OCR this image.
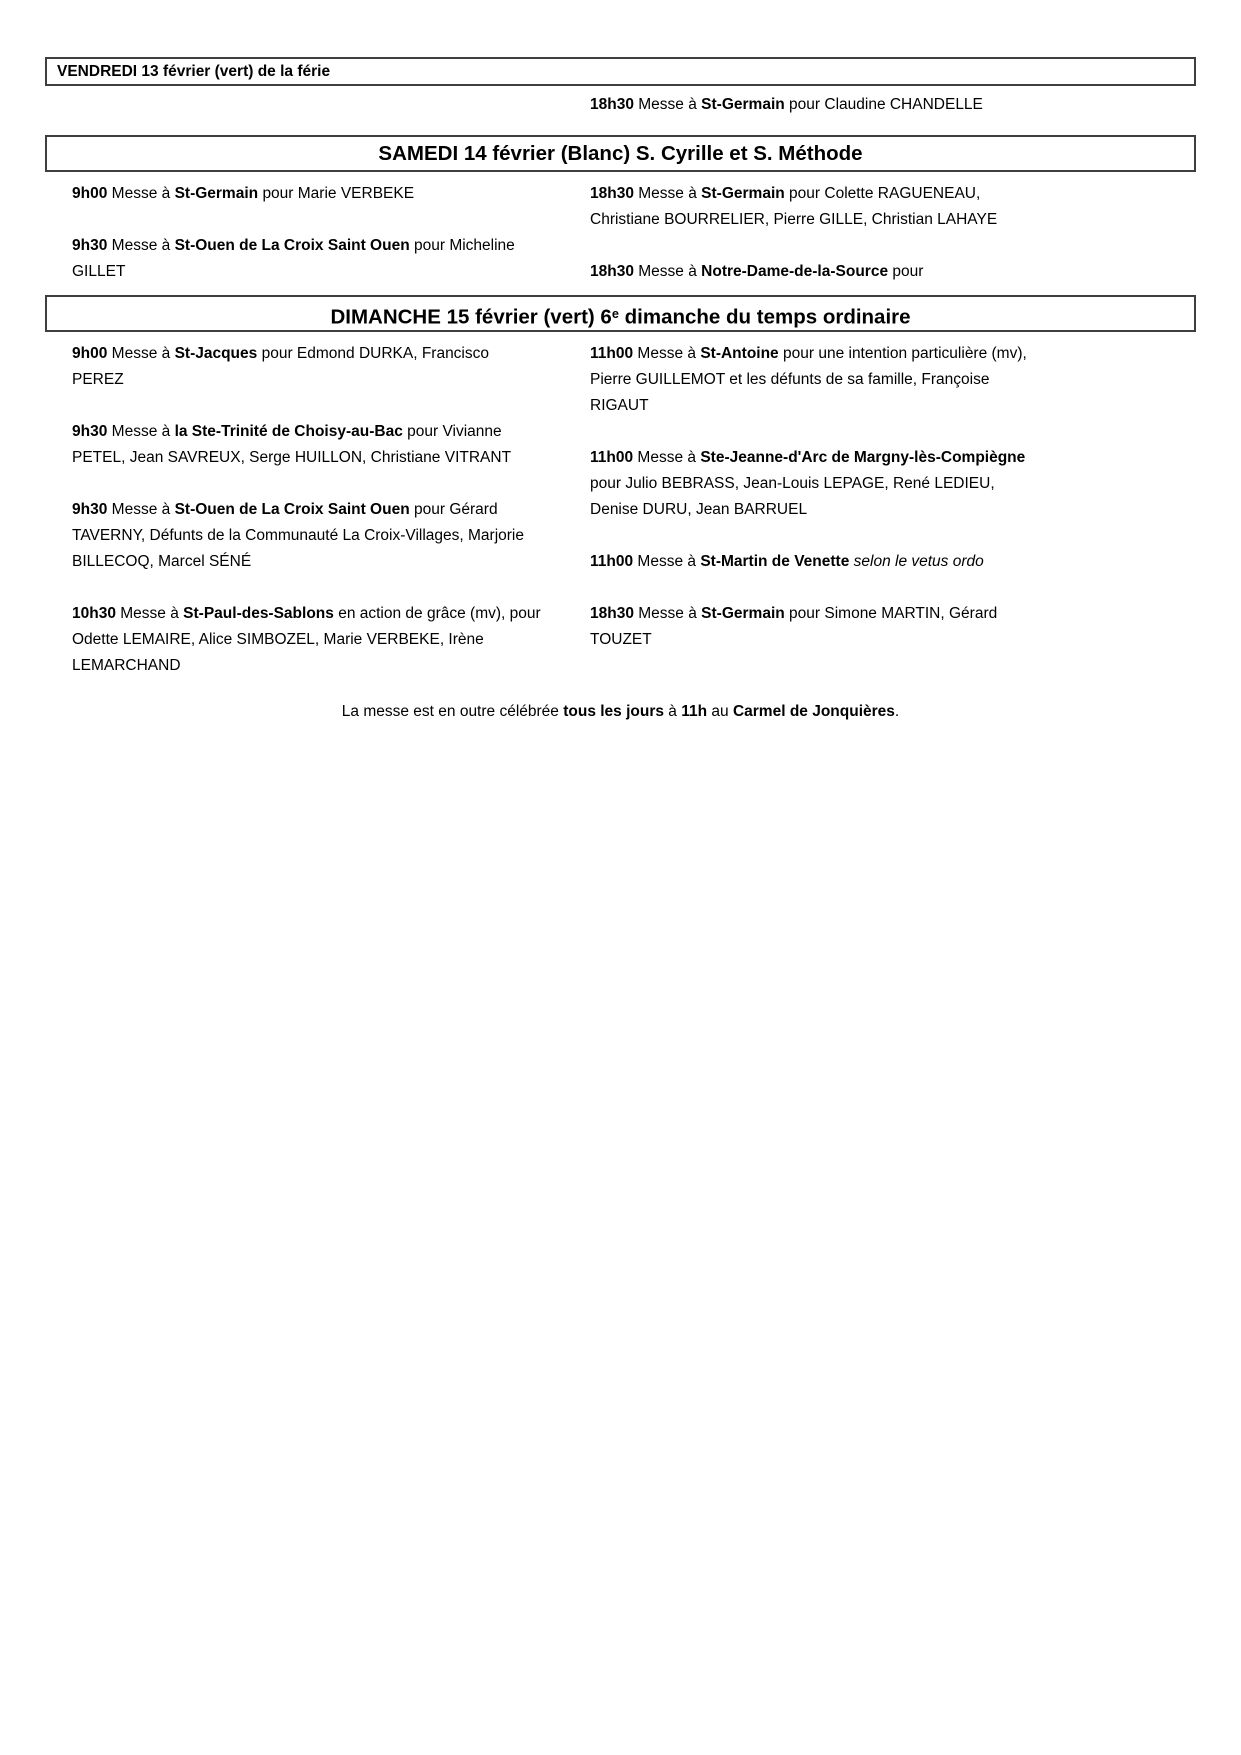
VENDREDI 13 février (vert) de la férie

18h30 Messe à St-Germain pour Claudine CHANDELLE

SAMEDI 14 février (Blanc) S. Cyrille et S. Méthode

9h00 Messe à St-Germain pour Marie VERBEKE

9h30 Messe à St-Ouen de La Croix Saint Ouen pour Micheline GILLET

18h30 Messe à St-Germain pour Colette RAGUENEAU, Christiane BOURRELIER, Pierre GILLE, Christian LAHAYE

18h30 Messe à Notre-Dame-de-la-Source pour

DIMANCHE 15 février (vert) 6e dimanche du temps ordinaire

9h00 Messe à St-Jacques pour Edmond DURKA, Francisco PEREZ

9h30 Messe à la Ste-Trinité de Choisy-au-Bac pour Vivianne PETEL, Jean SAVREUX, Serge HUILLON, Christiane VITRANT

9h30 Messe à St-Ouen de La Croix Saint Ouen pour Gérard TAVERNY, Défunts de la Communauté La Croix-Villages, Marjorie BILLECOQ, Marcel SÉNÉ

10h30 Messe à St-Paul-des-Sablons en action de grâce (mv), pour Odette LEMAIRE, Alice SIMBOZEL, Marie VERBEKE, Irène LEMARCHAND

11h00 Messe à St-Antoine pour une intention particulière (mv), Pierre GUILLEMOT et les défunts de sa famille, Françoise RIGAUT

11h00 Messe à Ste-Jeanne-d'Arc de Margny-lès-Compiègne pour Julio BEBRASS, Jean-Louis LEPAGE, René LEDIEU, Denise DURU, Jean BARRUEL

11h00 Messe à St-Martin de Venette selon le vetus ordo

18h30 Messe à St-Germain pour Simone MARTIN, Gérard TOUZET

La messe est en outre célébrée tous les jours à 11h au Carmel de Jonquières.
